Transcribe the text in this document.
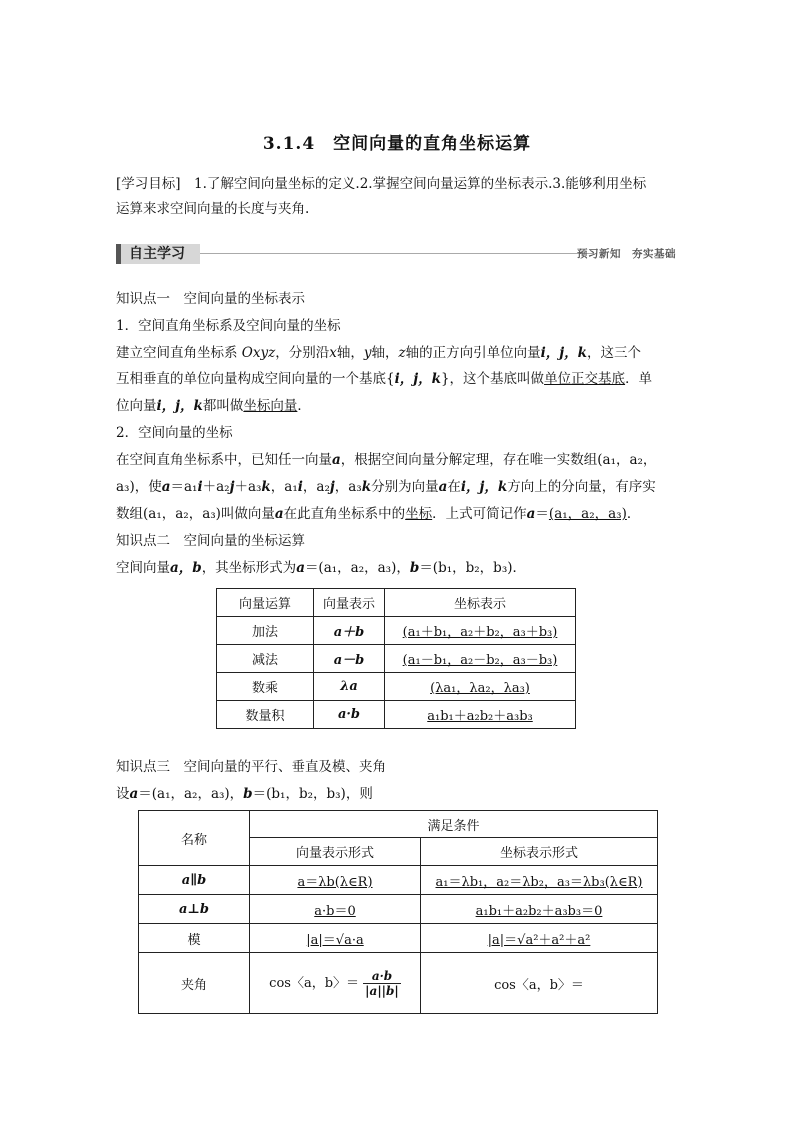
3.1.4　空间向量的直角坐标运算
[学习目标]　1.了解空间向量坐标的定义.2.掌握空间向量运算的坐标表示.3.能够利用坐标
运算来求空间向量的长度与夹角.
自主学习	预习新知　夯实基础
知识点一　空间向量的坐标表示
1．空间直角坐标系及空间向量的坐标
建立空间直角坐标系 Oxyz，分别沿x轴，y轴，z轴的正方向引单位向量i，j，k，这三个
互相垂直的单位向量构成空间向量的一个基底{i，j，k}，这个基底叫做单位正交基底．单
位向量i，j，k都叫做坐标向量．
2．空间向量的坐标
在空间直角坐标系中，已知任一向量a，根据空间向量分解定理，存在唯一实数组(a₁，a₂，
a₃)，使a＝a₁i＋a₂j＋a₃k，a₁i，a₂j，a₃k分别为向量a在i，j，k方向上的分向量，有序实
数组(a₁，a₂，a₃)叫做向量a在此直角坐标系中的坐标．上式可简记作a＝(a₁，a₂，a₃)．
知识点二　空间向量的坐标运算
空间向量a，b，其坐标形式为a＝(a₁，a₂，a₃)，b＝(b₁，b₂，b₃)．
向量运算	向量表示	坐标表示
加法	a＋b	(a₁＋b₁，a₂＋b₂，a₃＋b₃)
减法	a－b	(a₁－b₁，a₂－b₂，a₃－b₃)
数乘	λa	(λa₁，λa₂，λa₃)
数量积	a·b	a₁b₁＋a₂b₂＋a₃b₃
知识点三　空间向量的平行、垂直及模、夹角
设a＝(a₁，a₂，a₃)，b＝(b₁，b₂，b₃)，则
名称	满足条件	
	向量表示形式	坐标表示形式
a∥b	a＝λb(λ∈R)	a₁＝λb₁，a₂＝λb₂，a₃＝λb₃(λ∈R)
a⊥b	a·b＝0	a₁b₁＋a₂b₂＋a₃b₃＝0
模	|a|＝√a·a	|a|＝√a²＋a²＋a²
夹角	cos〈a，b〉＝ $\frac{a\cdot b}{|a||b|}$	cos〈a，b〉＝
